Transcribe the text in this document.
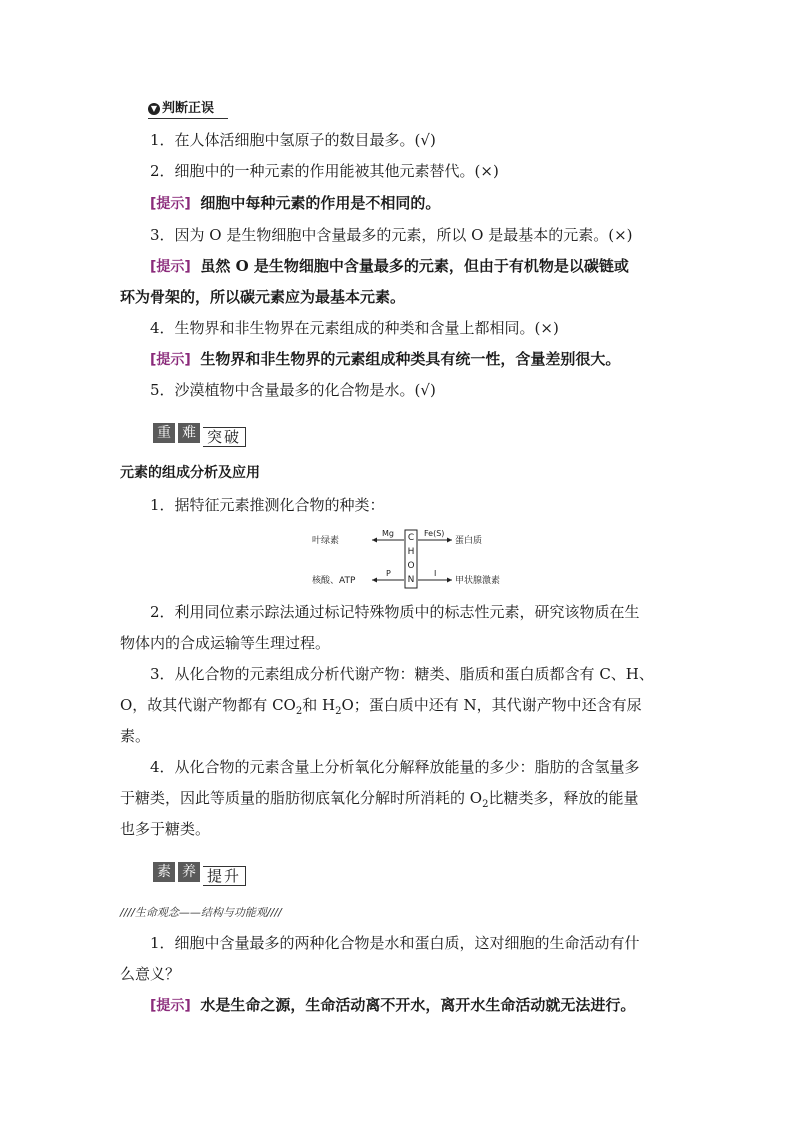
▼ 判断正误
1．在人体活细胞中氢原子的数目最多。(√)
2．细胞中的一种元素的作用能被其他元素替代。(×)
[提示] 细胞中每种元素的作用是不相同的。
3．因为 O 是生物细胞中含量最多的元素，所以 O 是最基本的元素。(×)
[提示] 虽然 O 是生物细胞中含量最多的元素，但由于有机物是以碳链或
环为骨架的，所以碳元素应为最基本元素。
4．生物界和非生物界在元素组成的种类和含量上都相同。(×)
[提示] 生物界和非生物界的元素组成种类具有统一性，含量差别很大。
5．沙漠植物中含量最多的化合物是水。(√)
重 难 突破
元素的组成分析及应用
1．据特征元素推测化合物的种类：
C
H
O
N
叶绿素
Mg	Fe(S)
蛋白质
核酸、ATP
P	I
甲状腺激素
2．利用同位素示踪法通过标记特殊物质中的标志性元素，研究该物质在生
物体内的合成运输等生理过程。
3．从化合物的元素组成分析代谢产物：糖类、脂质和蛋白质都含有 C、H、
O，故其代谢产物都有 $CO_2$和 $H_2O$；蛋白质中还有 N，其代谢产物中还含有尿
素。
4．从化合物的元素含量上分析氧化分解释放能量的多少：脂肪的含氢量多
于糖类，因此等质量的脂肪彻底氧化分解时所消耗的 $O_2$比糖类多，释放的能量
也多于糖类。
素 养 提升
////生命观念——结构与功能观////
1．细胞中含量最多的两种化合物是水和蛋白质，这对细胞的生命活动有什
么意义？
[提示] 水是生命之源，生命活动离不开水，离开水生命活动就无法进行。
